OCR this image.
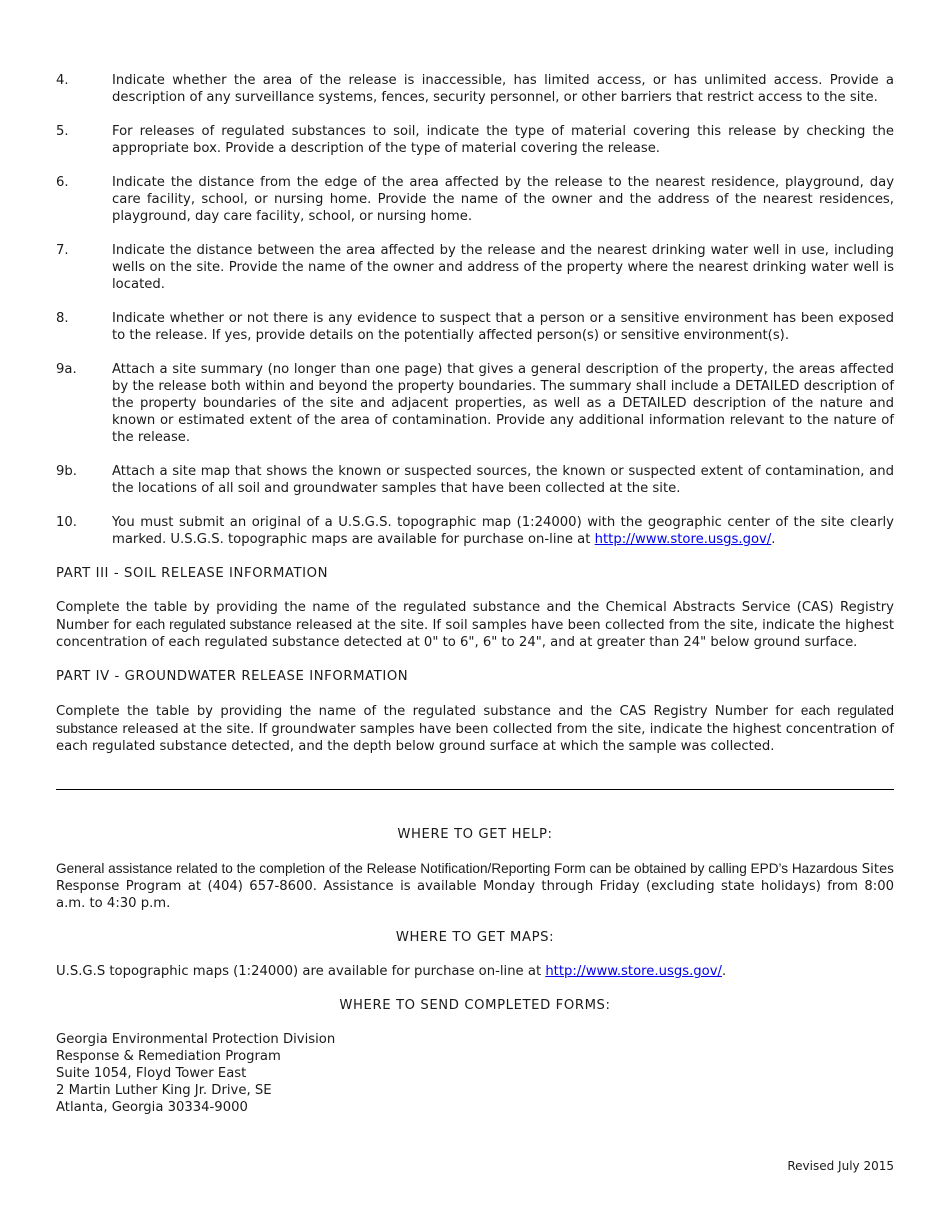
4.	Indicate whether the area of the release is inaccessible, has limited access, or has unlimited access. Provide a description of any surveillance systems, fences, security personnel, or other barriers that restrict access to the site.
5.	For releases of regulated substances to soil, indicate the type of material covering this release by checking the appropriate box. Provide a description of the type of material covering the release.
6.	Indicate the distance from the edge of the area affected by the release to the nearest residence, playground, day care facility, school, or nursing home. Provide the name of the owner and the address of the nearest residences, playground, day care facility, school, or nursing home.
7.	Indicate the distance between the area affected by the release and the nearest drinking water well in use, including wells on the site. Provide the name of the owner and address of the property where the nearest drinking water well is located.
8.	Indicate whether or not there is any evidence to suspect that a person or a sensitive environment has been exposed to the release. If yes, provide details on the potentially affected person(s) or sensitive environment(s).
9a.	Attach a site summary (no longer than one page) that gives a general description of the property, the areas affected by the release both within and beyond the property boundaries. The summary shall include a DETAILED description of the property boundaries of the site and adjacent properties, as well as a DETAILED description of the nature and known or estimated extent of the area of contamination. Provide any additional information relevant to the nature of the release.
9b.	Attach a site map that shows the known or suspected sources, the known or suspected extent of contamination, and the locations of all soil and groundwater samples that have been collected at the site.
10.	You must submit an original of a U.S.G.S. topographic map (1:24000) with the geographic center of the site clearly marked. U.S.G.S. topographic maps are available for purchase on-line at http://www.store.usgs.gov/.
PART III - SOIL RELEASE INFORMATION
Complete the table by providing the name of the regulated substance and the Chemical Abstracts Service (CAS) Registry Number for each regulated substance released at the site. If soil samples have been collected from the site, indicate the highest concentration of each regulated substance detected at 0" to 6", 6" to 24", and at greater than 24" below ground surface.
PART IV - GROUNDWATER RELEASE INFORMATION
Complete the table by providing the name of the regulated substance and the CAS Registry Number for each regulated substance released at the site. If groundwater samples have been collected from the site, indicate the highest concentration of each regulated substance detected, and the depth below ground surface at which the sample was collected.
WHERE TO GET HELP:
General assistance related to the completion of the Release Notification/Reporting Form can be obtained by calling EPD’s Hazardous Sites Response Program at (404) 657-8600. Assistance is available Monday through Friday (excluding state holidays) from 8:00 a.m. to 4:30 p.m.
WHERE TO GET MAPS:
U.S.G.S topographic maps (1:24000) are available for purchase on-line at http://www.store.usgs.gov/.
WHERE TO SEND COMPLETED FORMS:
Georgia Environmental Protection Division
Response & Remediation Program
Suite 1054, Floyd Tower East
2 Martin Luther King Jr. Drive, SE
Atlanta, Georgia 30334-9000
Revised July 2015
